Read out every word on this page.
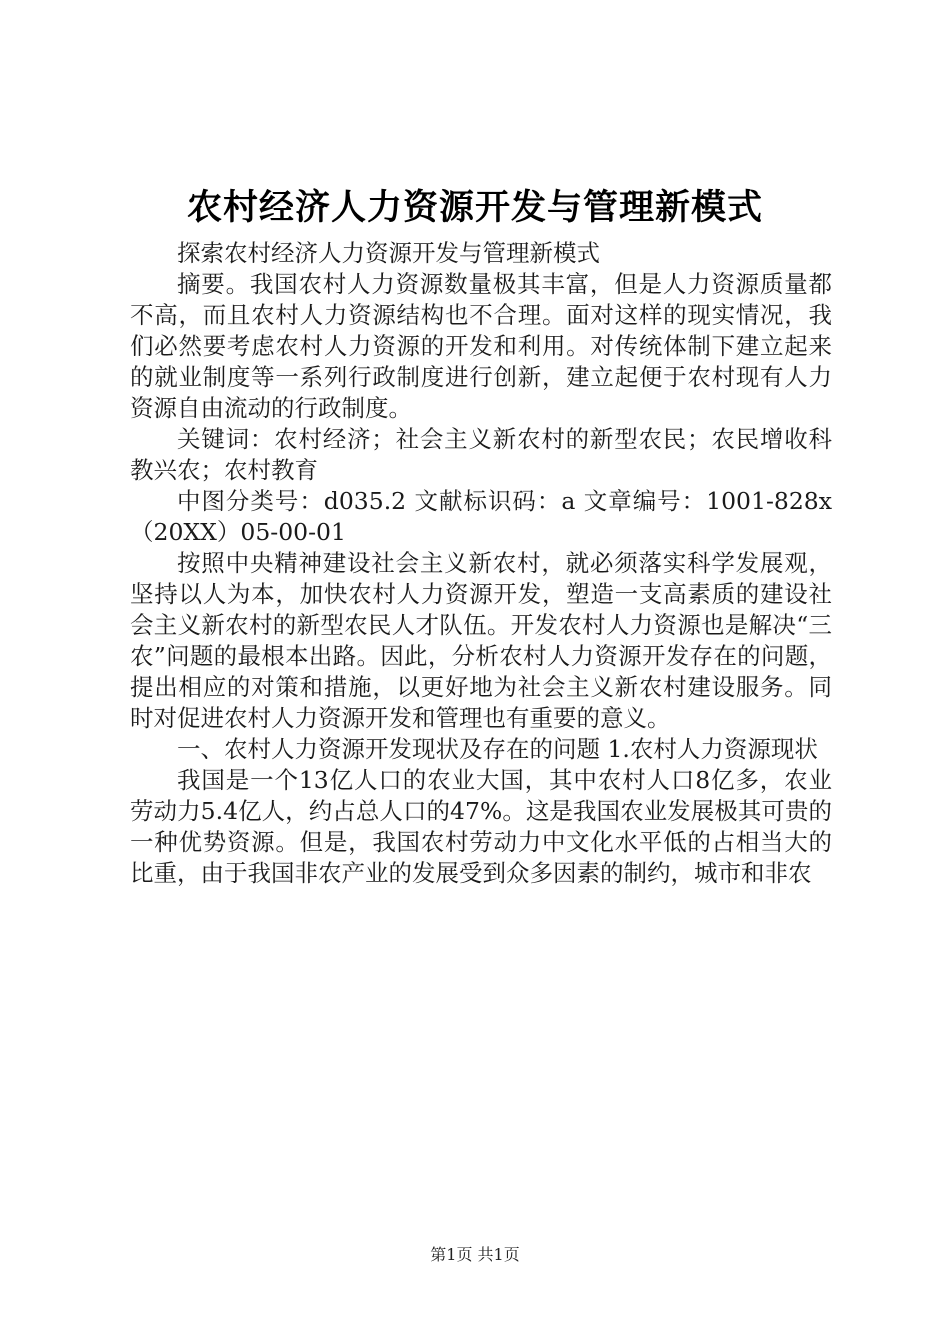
农村经济人力资源开发与管理新模式

探索农村经济人力资源开发与管理新模式

摘要。我国农村人力资源数量极其丰富，但是人力资源质量都不高，而且农村人力资源结构也不合理。面对这样的现实情况，我们必然要考虑农村人力资源的开发和利用。对传统体制下建立起来的就业制度等一系列行政制度进行创新，建立起便于农村现有人力资源自由流动的行政制度。

关键词：农村经济；社会主义新农村的新型农民；农民增收科教兴农；农村教育

中图分类号：d035.2 文献标识码：a 文章编号：1001-828x（20XX）05-00-01

按照中央精神建设社会主义新农村，就必须落实科学发展观，坚持以人为本，加快农村人力资源开发，塑造一支高素质的建设社会主义新农村的新型农民人才队伍。开发农村人力资源也是解决“三农”问题的最根本出路。因此，分析农村人力资源开发存在的问题，提出相应的对策和措施，以更好地为社会主义新农村建设服务。同时对促进农村人力资源开发和管理也有重要的意义。

一、农村人力资源开发现状及存在的问题 1.农村人力资源现状

我国是一个13亿人口的农业大国，其中农村人口8亿多，农业劳动力5.4亿人，约占总人口的47%。这是我国农业发展极其可贵的一种优势资源。但是，我国农村劳动力中文化水平低的占相当大的比重，由于我国非农产业的发展受到众多因素的制约，城市和非农

第1页 共1页
